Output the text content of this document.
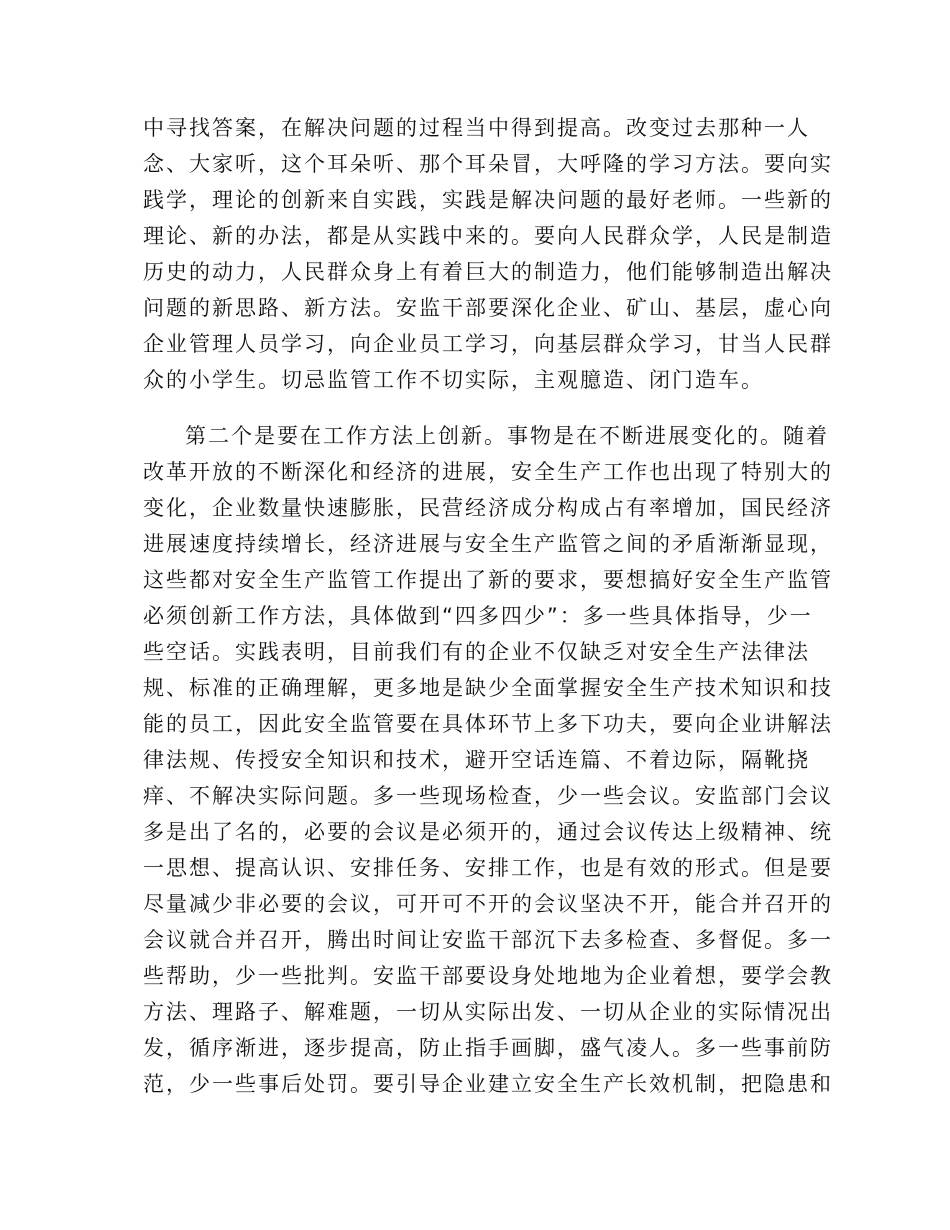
中寻找答案，在解决问题的过程当中得到提高。改变过去那种一人
念、大家听，这个耳朵听、那个耳朵冒，大呼隆的学习方法。要向实
践学，理论的创新来自实践，实践是解决问题的最好老师。一些新的
理论、新的办法，都是从实践中来的。要向人民群众学，人民是制造
历史的动力，人民群众身上有着巨大的制造力，他们能够制造出解决
问题的新思路、新方法。安监干部要深化企业、矿山、基层，虚心向
企业管理人员学习，向企业员工学习，向基层群众学习，甘当人民群
众的小学生。切忌监管工作不切实际，主观臆造、闭门造车。
第二个是要在工作方法上创新。事物是在不断进展变化的。随着
改革开放的不断深化和经济的进展，安全生产工作也出现了特别大的
变化，企业数量快速膨胀，民营经济成分构成占有率增加，国民经济
进展速度持续增长，经济进展与安全生产监管之间的矛盾渐渐显现，
这些都对安全生产监管工作提出了新的要求，要想搞好安全生产监管
必须创新工作方法，具体做到“四多四少”：多一些具体指导，少一
些空话。实践表明，目前我们有的企业不仅缺乏对安全生产法律法
规、标准的正确理解，更多地是缺少全面掌握安全生产技术知识和技
能的员工，因此安全监管要在具体环节上多下功夫，要向企业讲解法
律法规、传授安全知识和技术，避开空话连篇、不着边际，隔靴挠
痒、不解决实际问题。多一些现场检查，少一些会议。安监部门会议
多是出了名的，必要的会议是必须开的，通过会议传达上级精神、统
一思想、提高认识、安排任务、安排工作，也是有效的形式。但是要
尽量减少非必要的会议，可开可不开的会议坚决不开，能合并召开的
会议就合并召开，腾出时间让安监干部沉下去多检查、多督促。多一
些帮助，少一些批判。安监干部要设身处地地为企业着想，要学会教
方法、理路子、解难题，一切从实际出发、一切从企业的实际情况出
发，循序渐进，逐步提高，防止指手画脚，盛气凌人。多一些事前防
范，少一些事后处罚。要引导企业建立安全生产长效机制，把隐患和
